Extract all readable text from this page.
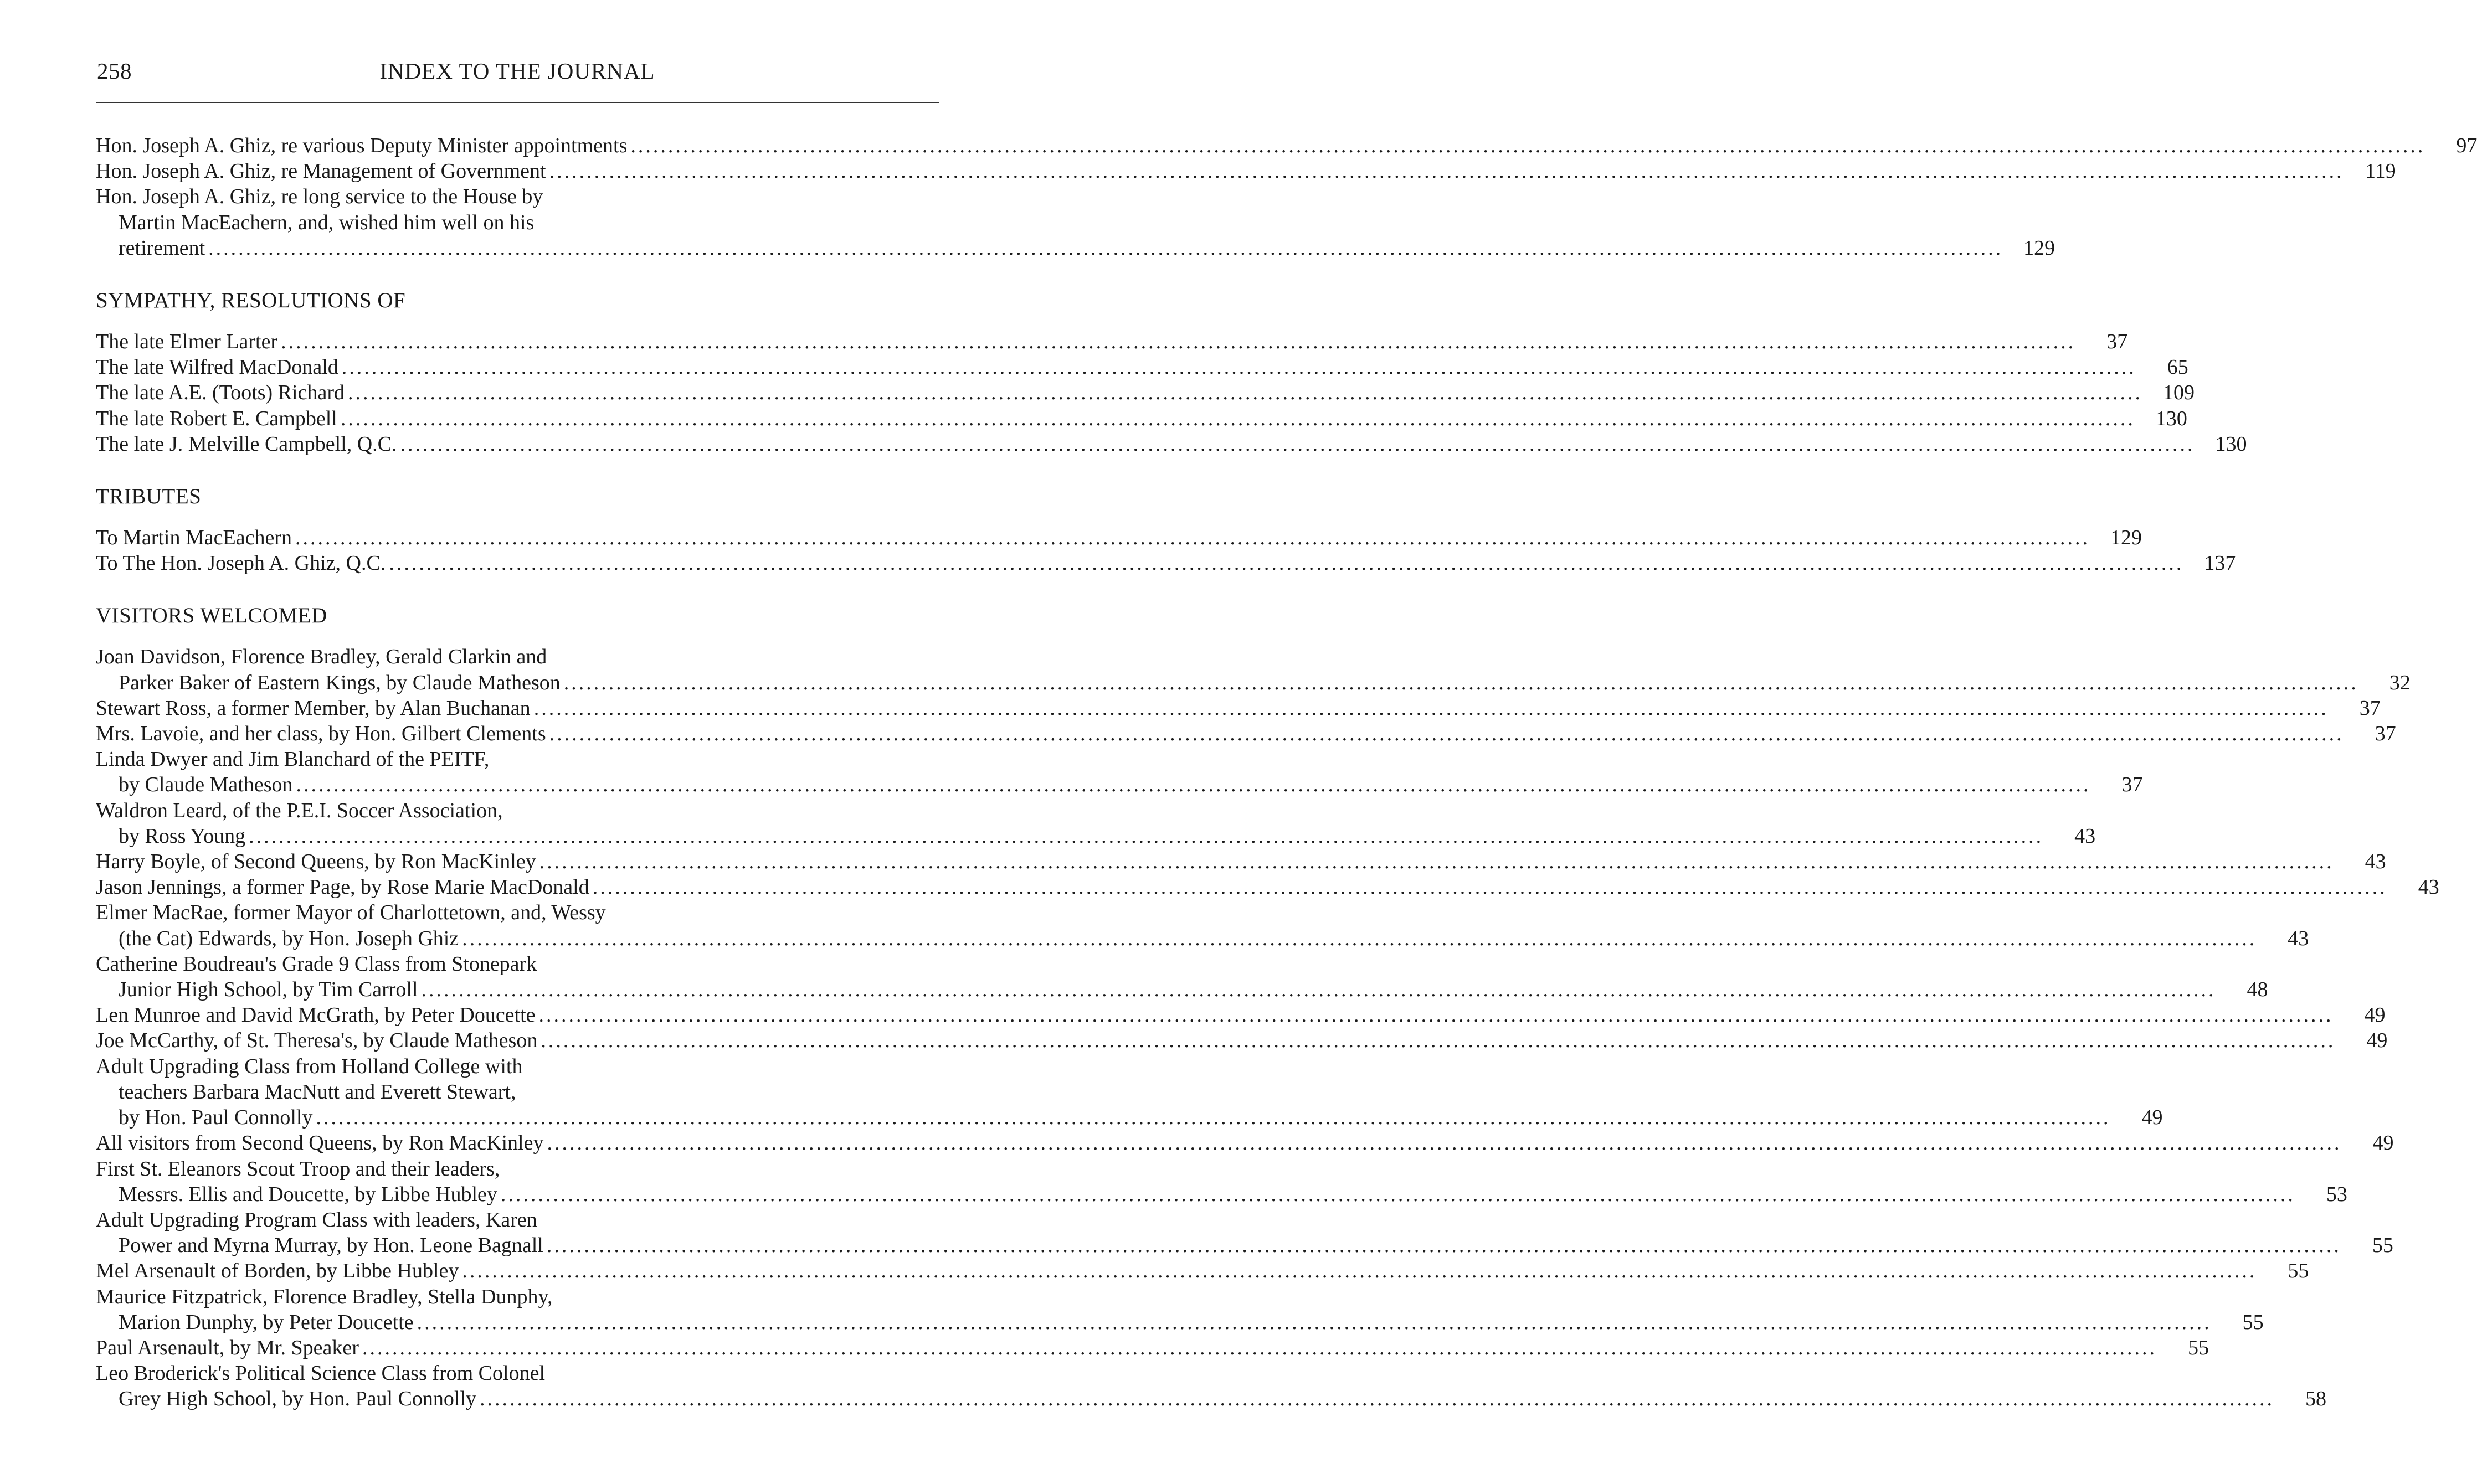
258	INDEX TO THE JOURNAL
Hon. Joseph A. Ghiz, re various Deputy Minister appointments ................................................................................................................................................................................................................................................	97
Hon. Joseph A. Ghiz, re Management of Government ................................................................................................................................................................................................................................................	119
Hon. Joseph A. Ghiz, re long service to the House by
Martin MacEachern, and, wished him well on his
retirement ................................................................................................................................................................................................................................................ 129
SYMPATHY, RESOLUTIONS OF
The late Elmer Larter ................................................................................................................................................................................................................................................	37
The late Wilfred MacDonald ................................................................................................................................................................................................................................................	65
The late A.E. (Toots) Richard ................................................................................................................................................................................................................................................ 109
The late Robert E. Campbell ................................................................................................................................................................................................................................................ 130
The late J. Melville Campbell, Q.C. ................................................................................................................................................................................................................................................ 130
TRIBUTES
To Martin MacEachern ................................................................................................................................................................................................................................................ 129
To The Hon. Joseph A. Ghiz, Q.C. ................................................................................................................................................................................................................................................ 137
VISITORS WELCOMED
Joan Davidson, Florence Bradley, Gerald Clarkin and
Parker Baker of Eastern Kings, by Claude Matheson ................................................................................................................................................................................................................................................	32
Stewart Ross, a former Member, by Alan Buchanan ................................................................................................................................................................................................................................................	37
Mrs. Lavoie, and her class, by Hon. Gilbert Clements ................................................................................................................................................................................................................................................	37
Linda Dwyer and Jim Blanchard of the PEITF,
by Claude Matheson ................................................................................................................................................................................................................................................	37
Waldron Leard, of the P.E.I. Soccer Association,
by Ross Young ................................................................................................................................................................................................................................................	43
Harry Boyle, of Second Queens, by Ron MacKinley ................................................................................................................................................................................................................................................	43
Jason Jennings, a former Page, by Rose Marie MacDonald ................................................................................................................................................................................................................................................	43
Elmer MacRae, former Mayor of Charlottetown, and, Wessy
(the Cat) Edwards, by Hon. Joseph Ghiz ................................................................................................................................................................................................................................................	43
Catherine Boudreau's Grade 9 Class from Stonepark
Junior High School, by Tim Carroll ................................................................................................................................................................................................................................................	48
Len Munroe and David McGrath, by Peter Doucette ................................................................................................................................................................................................................................................	49
Joe McCarthy, of St. Theresa's, by Claude Matheson ................................................................................................................................................................................................................................................	49
Adult Upgrading Class from Holland College with
teachers Barbara MacNutt and Everett Stewart,
by Hon. Paul Connolly ................................................................................................................................................................................................................................................	49
All visitors from Second Queens, by Ron MacKinley ................................................................................................................................................................................................................................................	49
First St. Eleanors Scout Troop and their leaders,
Messrs. Ellis and Doucette, by Libbe Hubley ................................................................................................................................................................................................................................................	53
Adult Upgrading Program Class with leaders, Karen
Power and Myrna Murray, by Hon. Leone Bagnall ................................................................................................................................................................................................................................................	55
Mel Arsenault of Borden, by Libbe Hubley ................................................................................................................................................................................................................................................	55
Maurice Fitzpatrick, Florence Bradley, Stella Dunphy,
Marion Dunphy, by Peter Doucette ................................................................................................................................................................................................................................................	55
Paul Arsenault, by Mr. Speaker ................................................................................................................................................................................................................................................	55
Leo Broderick's Political Science Class from Colonel
Grey High School, by Hon. Paul Connolly ................................................................................................................................................................................................................................................	58
